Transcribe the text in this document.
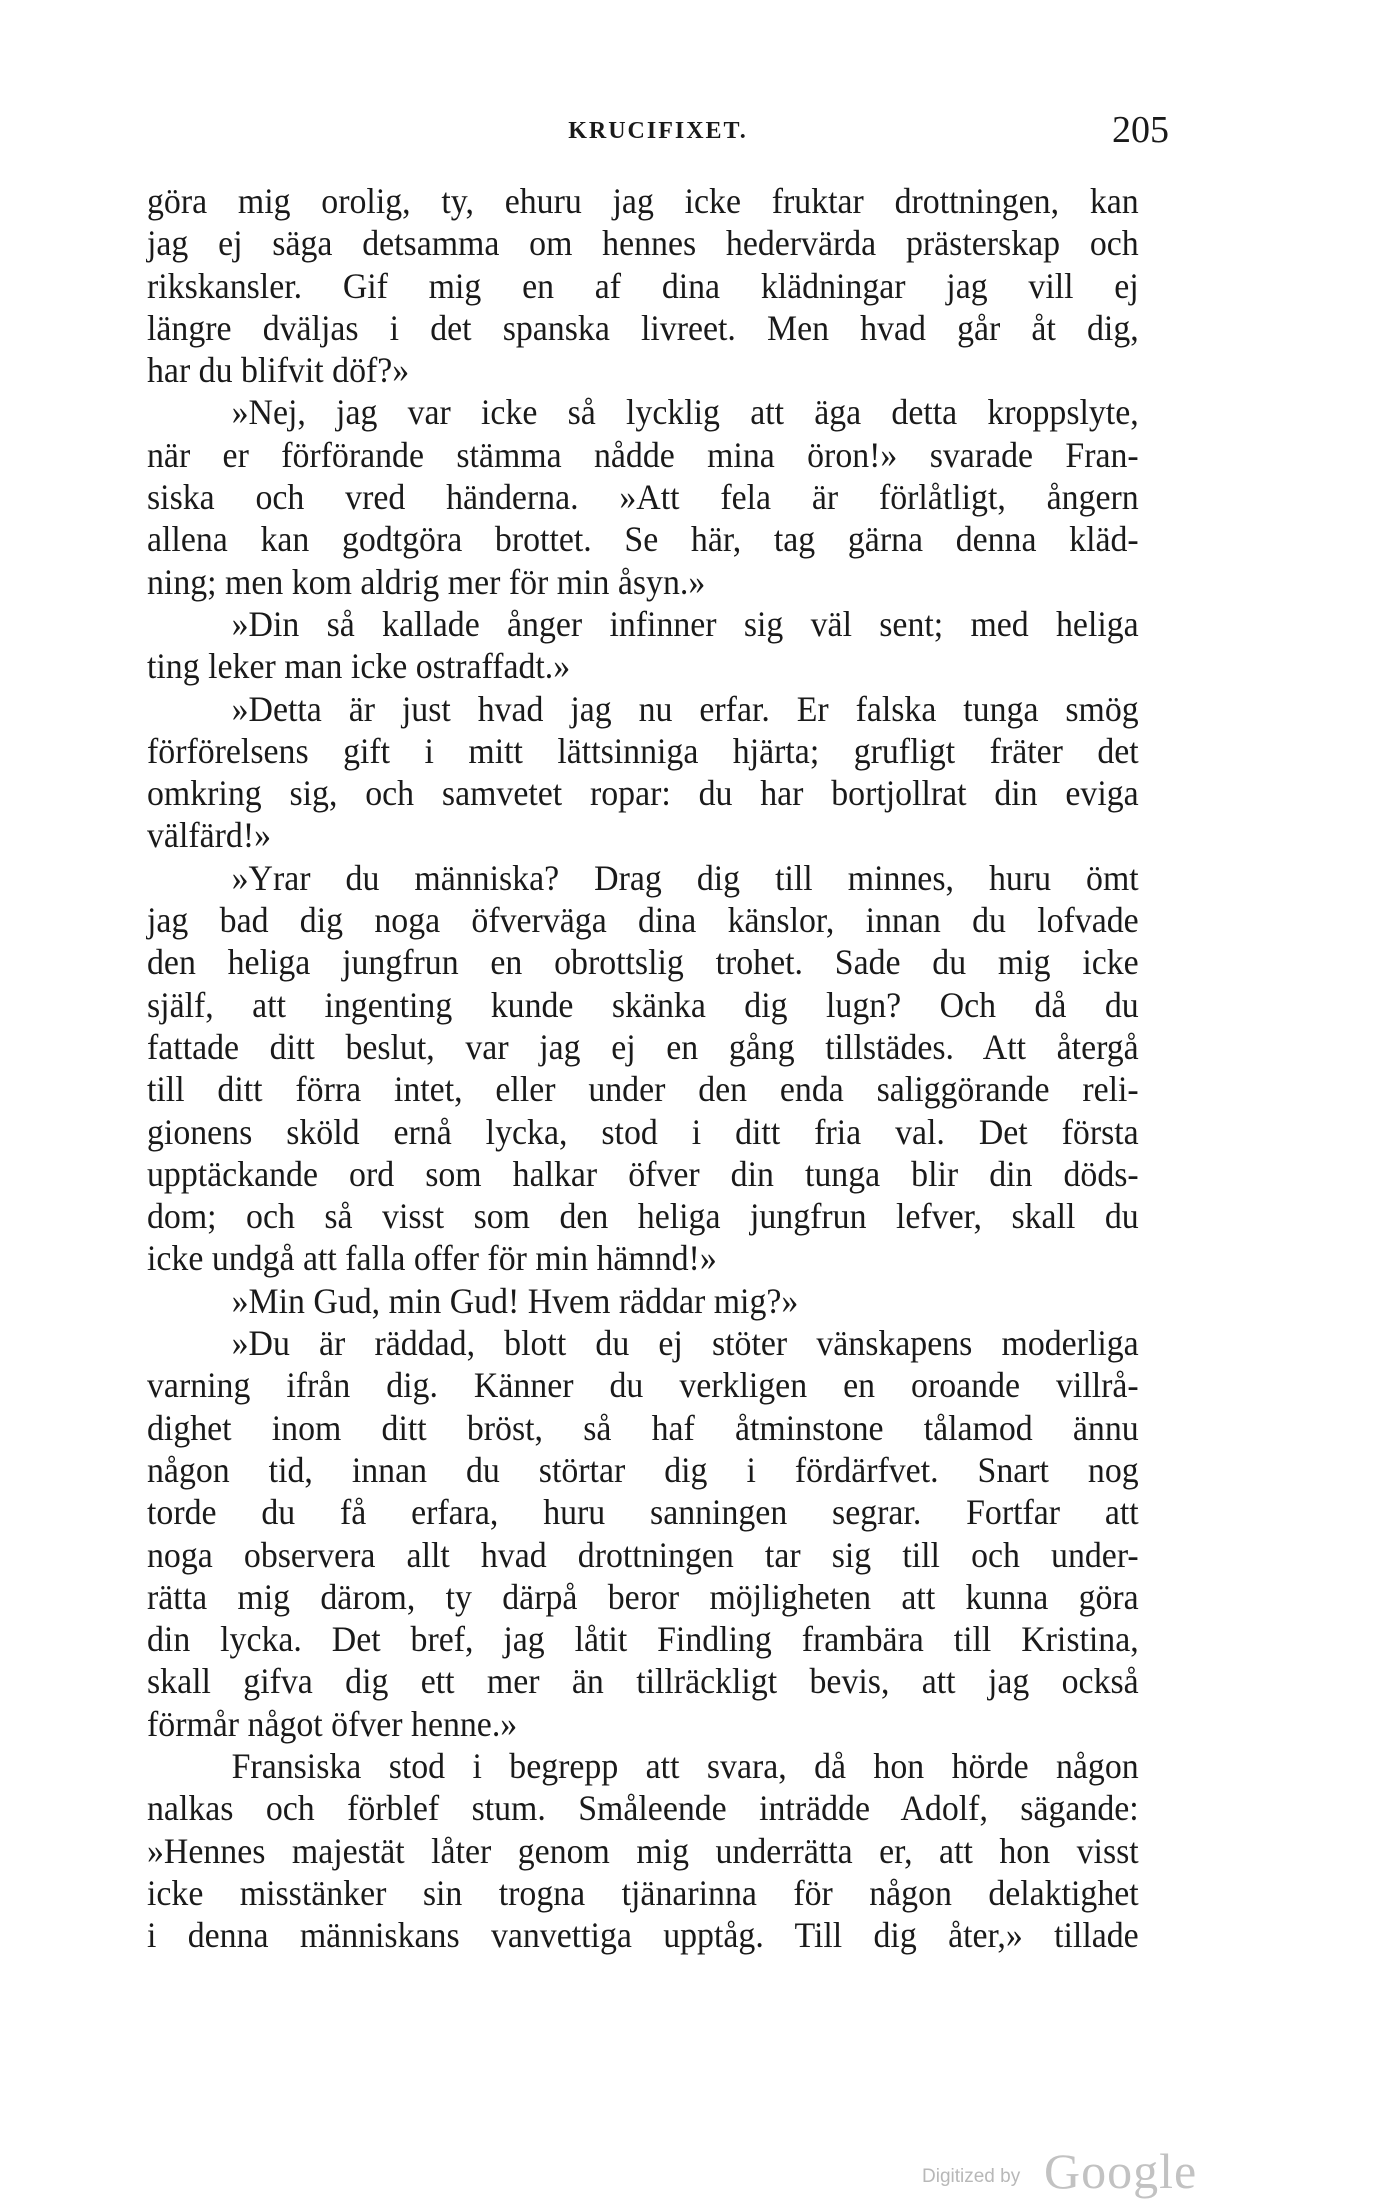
KRUCIFIXET.	205
göra mig orolig, ty, ehuru jag icke fruktar drottningen, kan
jag ej säga detsamma om hennes hedervärda prästerskap och
rikskansler. Gif mig en af dina klädningar jag vill ej
längre dväljas i det spanska livreet. Men hvad går åt dig,
har du blifvit döf?»
»Nej, jag var icke så lycklig att äga detta kroppslyte,
när er förförande stämma nådde mina öron!» svarade Fran-
siska och vred händerna. »Att fela är förlåtligt, ångern
allena kan godtgöra brottet. Se här, tag gärna denna kläd-
ning; men kom aldrig mer för min åsyn.»
»Din så kallade ånger infinner sig väl sent; med heliga
ting leker man icke ostraffadt.»
»Detta är just hvad jag nu erfar. Er falska tunga smög
förförelsens gift i mitt lättsinniga hjärta; grufligt fräter det
omkring sig, och samvetet ropar: du har bortjollrat din eviga
välfärd!»
»Yrar du människa? Drag dig till minnes, huru ömt
jag bad dig noga öfverväga dina känslor, innan du lofvade
den heliga jungfrun en obrottslig trohet. Sade du mig icke
själf, att ingenting kunde skänka dig lugn? Och då du
fattade ditt beslut, var jag ej en gång tillstädes. Att återgå
till ditt förra intet, eller under den enda saliggörande reli-
gionens sköld ernå lycka, stod i ditt fria val. Det första
upptäckande ord som halkar öfver din tunga blir din döds-
dom; och så visst som den heliga jungfrun lefver, skall du
icke undgå att falla offer för min hämnd!»
»Min Gud, min Gud! Hvem räddar mig?»
»Du är räddad, blott du ej stöter vänskapens moderliga
varning ifrån dig. Känner du verkligen en oroande villrå-
dighet inom ditt bröst, så haf åtminstone tålamod ännu
någon tid, innan du störtar dig i fördärfvet. Snart nog
torde du få erfara, huru sanningen segrar. Fortfar att
noga observera allt hvad drottningen tar sig till och under-
rätta mig därom, ty därpå beror möjligheten att kunna göra
din lycka. Det bref, jag låtit Findling frambära till Kristina,
skall gifva dig ett mer än tillräckligt bevis, att jag också
förmår något öfver henne.»
Fransiska stod i begrepp att svara, då hon hörde någon
nalkas och förblef stum. Småleende inträdde Adolf, sägande:
»Hennes majestät låter genom mig underrätta er, att hon visst
icke misstänker sin trogna tjänarinna för någon delaktighet
i denna människans vanvettiga upptåg. Till dig åter,» tillade
Digitized by Google
